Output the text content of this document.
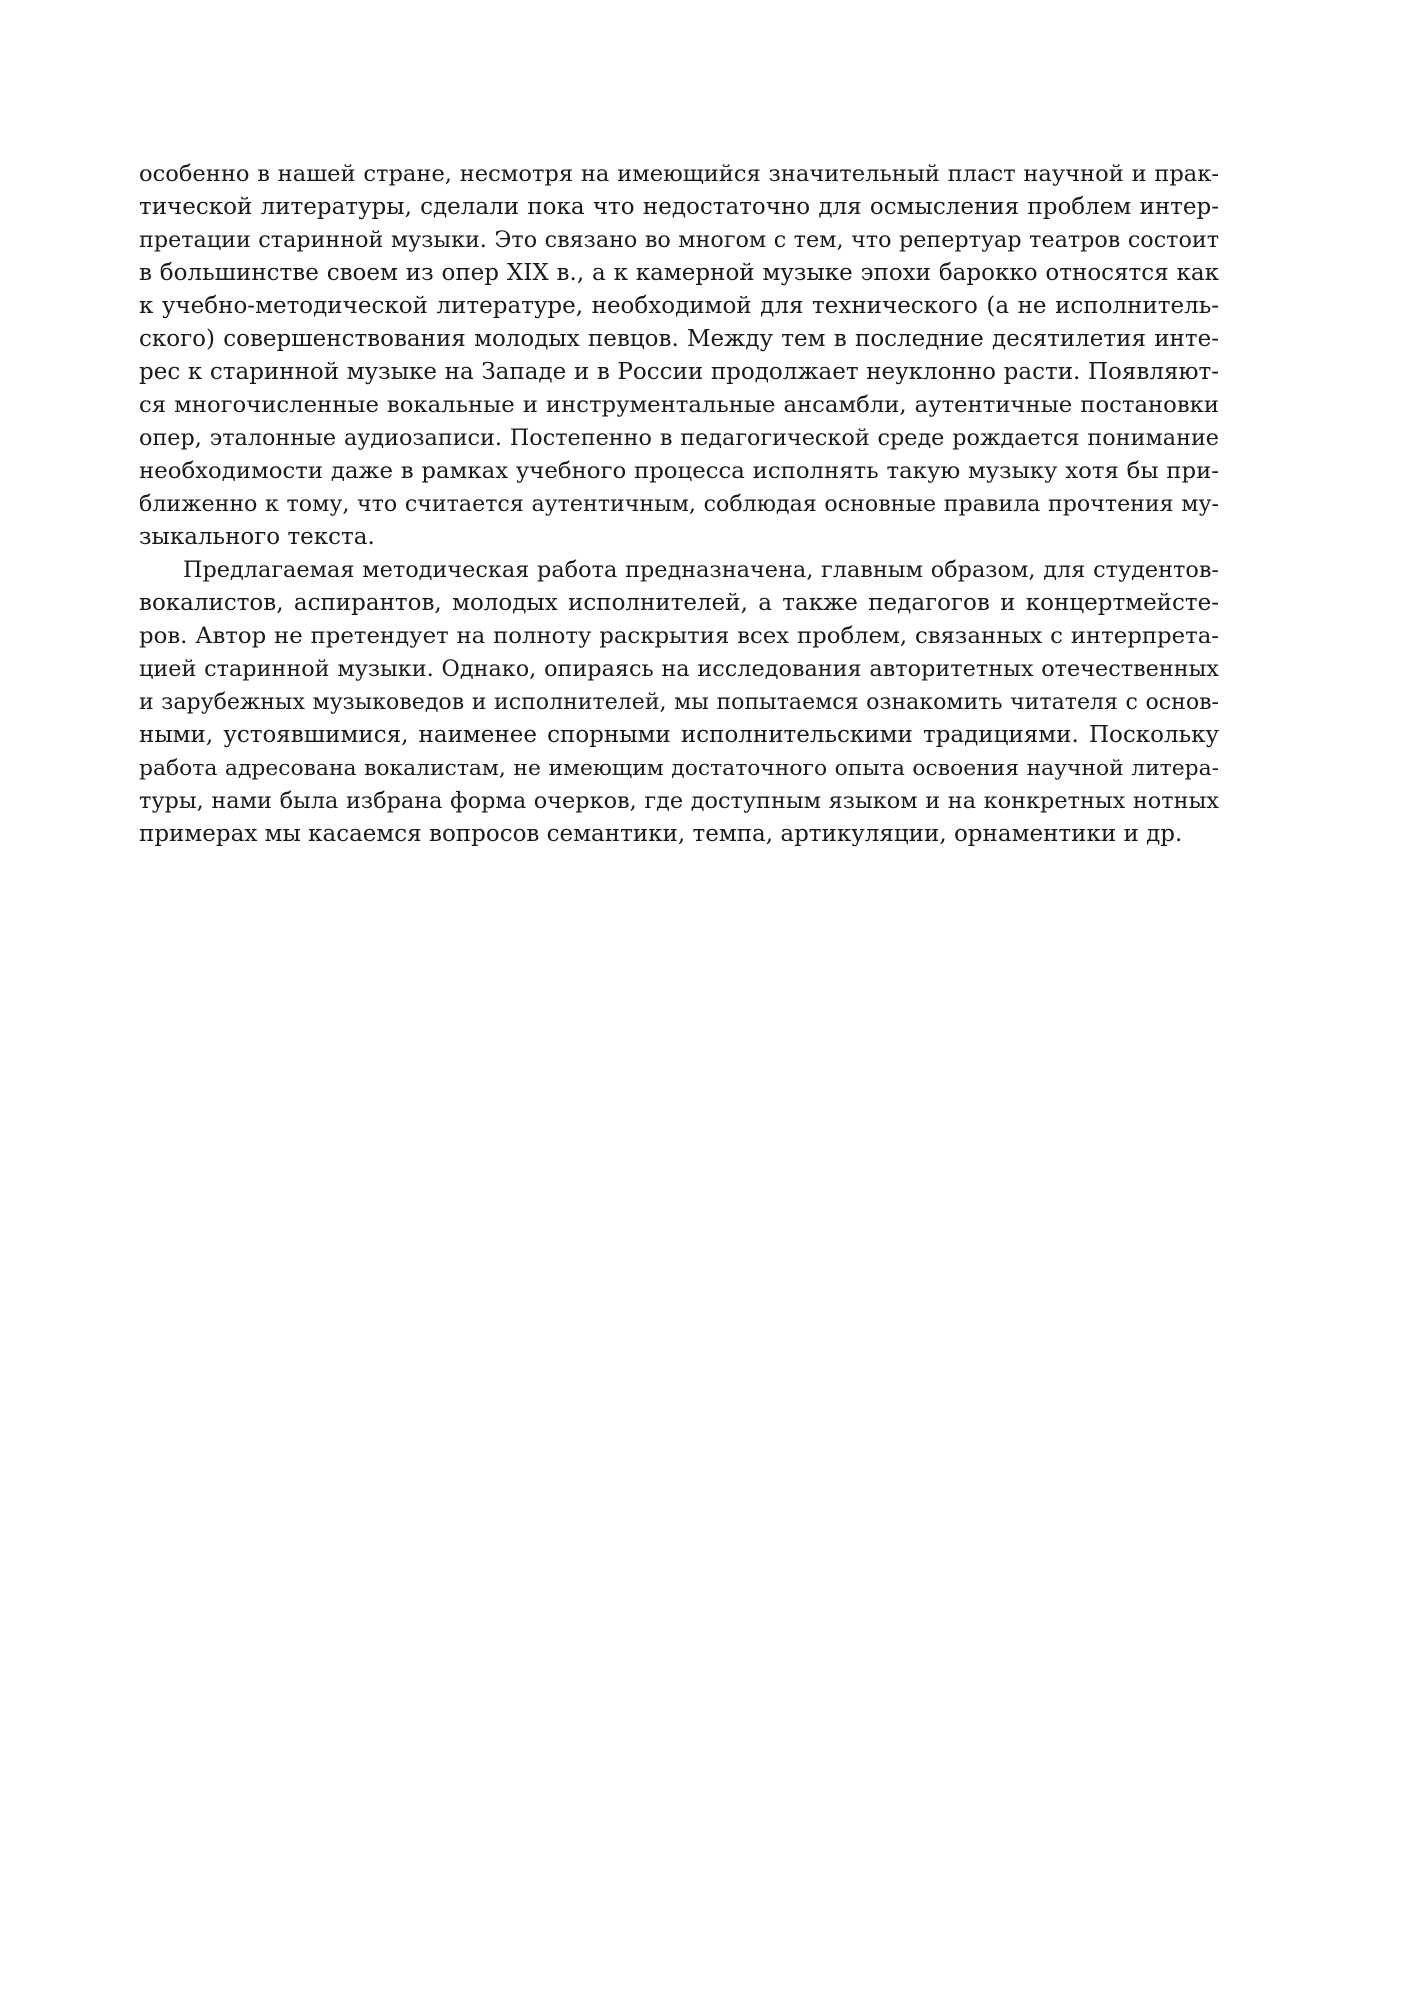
особенно в нашей стране, несмотря на имеющийся значительный пласт научной и прак-
тической литературы, сделали пока что недостаточно для осмысления проблем интер-
претации старинной музыки. Это связано во многом с тем, что репертуар театров состоит
в большинстве своем из опер XIX в., а к камерной музыке эпохи барокко относятся как
к учебно-методической литературе, необходимой для технического (а не исполнитель-
ского) совершенствования молодых певцов. Между тем в последние десятилетия инте-
рес к старинной музыке на Западе и в России продолжает неуклонно расти. Появляют-
ся многочисленные вокальные и инструментальные ансамбли, аутентичные постановки
опер, эталонные аудиозаписи. Постепенно в педагогической среде рождается понимание
необходимости даже в рамках учебного процесса исполнять такую музыку хотя бы при-
ближенно к тому, что считается аутентичным, соблюдая основные правила прочтения му-
зыкального текста.
Предлагаемая методическая работа предназначена, главным образом, для студентов-
вокалистов, аспирантов, молодых исполнителей, а также педагогов и концертмейсте-
ров. Автор не претендует на полноту раскрытия всех проблем, связанных с интерпрета-
цией старинной музыки. Однако, опираясь на исследования авторитетных отечественных
и зарубежных музыковедов и исполнителей, мы попытаемся ознакомить читателя с основ-
ными, устоявшимися, наименее спорными исполнительскими традициями. Поскольку
работа адресована вокалистам, не имеющим достаточного опыта освоения научной литера-
туры, нами была избрана форма очерков, где доступным языком и на конкретных нотных
примерах мы касаемся вопросов семантики, темпа, артикуляции, орнаментики и др.
